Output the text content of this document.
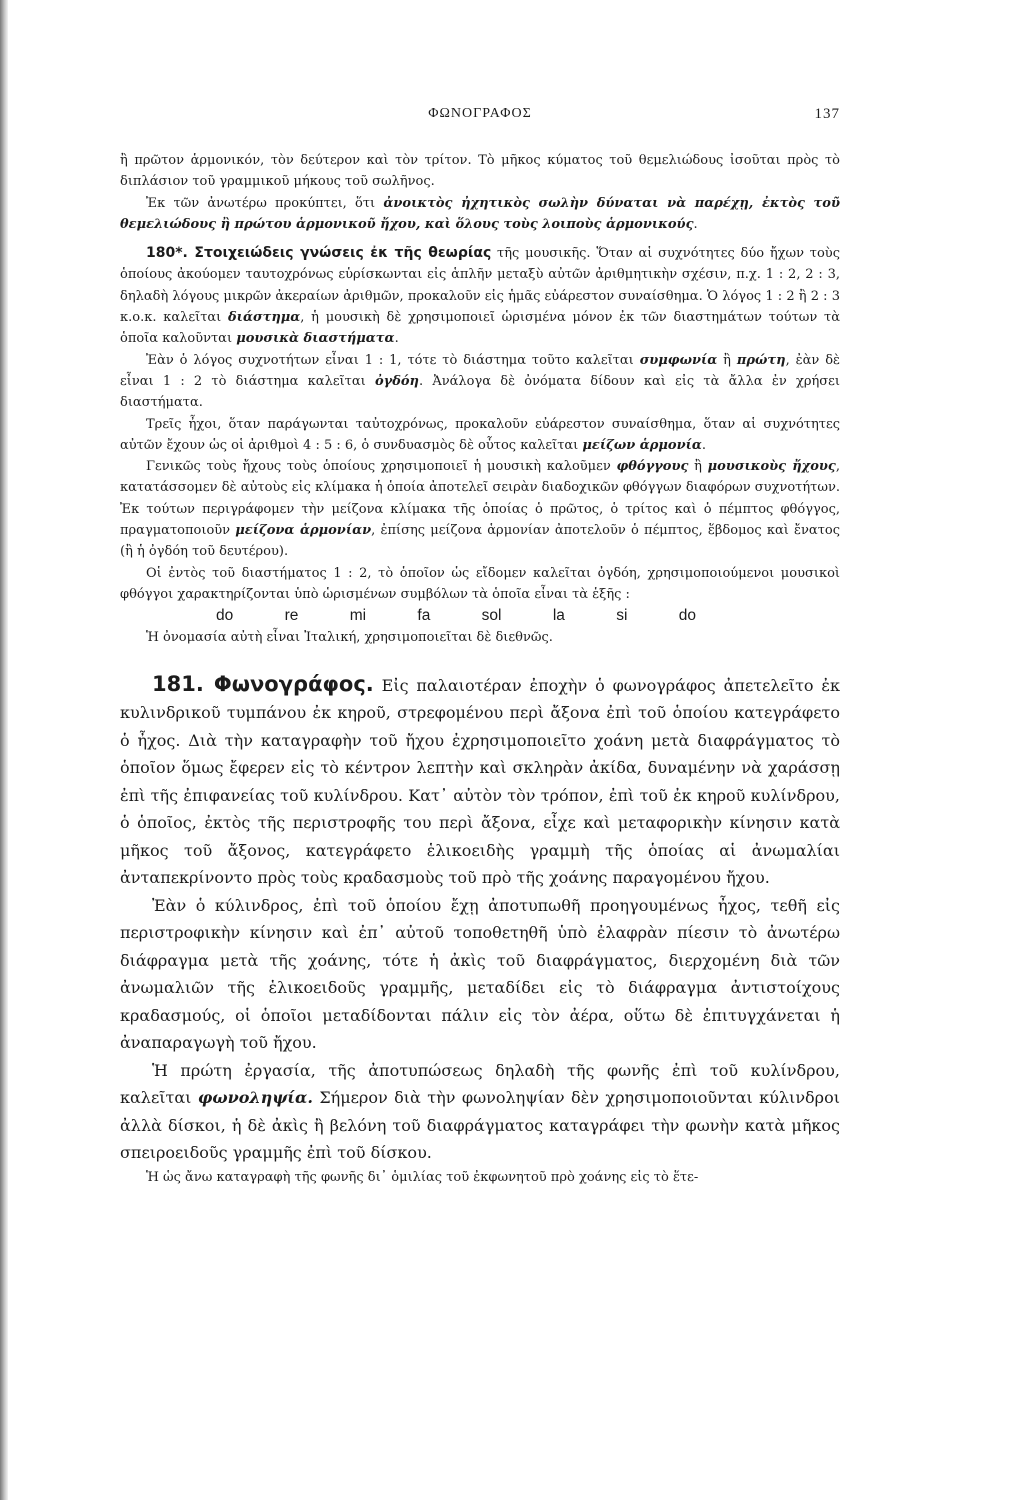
ΦΩΝΟΓΡΑΦΟΣ	137

ἢ πρῶτον ἁρμονικόν, τὸν δεύτερον καὶ τὸν τρίτον. Τὸ μῆκος κύματος τοῦ θεμελιώδους ἰσοῦται πρὸς τὸ διπλάσιον τοῦ γραμμικοῦ μήκους τοῦ σωλῆνος.

Ἐκ τῶν ἀνωτέρω προκύπτει, ὅτι ἀνοικτὸς ἠχητικὸς σωλὴν δύναται νὰ παρέχῃ, ἐκτὸς τοῦ θεμελιώδους ἢ πρώτου ἁρμονικοῦ ἤχου, καὶ ὅλους τοὺς λοιποὺς ἁρμονικούς.

180*. Στοιχειώδεις γνώσεις ἐκ τῆς θεωρίας τῆς μουσικῆς. Ὅταν αἱ συχνότητες δύο ἤχων τοὺς ὁποίους ἀκούομεν ταυτοχρόνως εὑρίσκωνται εἰς ἁπλῆν μεταξὺ αὐτῶν ἀριθμητικὴν σχέσιν, π.χ. 1 : 2, 2 : 3, δηλαδὴ λόγους μικρῶν ἀκεραίων ἀριθμῶν, προκαλοῦν εἰς ἡμᾶς εὐάρεστον συναίσθημα. Ὁ λόγος 1 : 2 ἢ 2 : 3 κ.ο.κ. καλεῖται διάστημα, ἡ μουσικὴ δὲ χρησιμοποιεῖ ὡρισμένα μόνον ἐκ τῶν διαστημάτων τούτων τὰ ὁποῖα καλοῦνται μουσικὰ διαστήματα.

Ἐὰν ὁ λόγος συχνοτήτων εἶναι 1 : 1, τότε τὸ διάστημα τοῦτο καλεῖται συμφωνία ἢ πρώτη, ἐὰν δὲ εἶναι 1 : 2 τὸ διάστημα καλεῖται ὀγδόη. Ἀνάλογα δὲ ὀνόματα δίδουν καὶ εἰς τὰ ἄλλα ἐν χρήσει διαστήματα.

Τρεῖς ἦχοι, ὅταν παράγωνται ταὐτοχρόνως, προκαλοῦν εὐάρεστον συναίσθημα, ὅταν αἱ συχνότητες αὐτῶν ἔχουν ὡς οἱ ἀριθμοὶ 4 : 5 : 6, ὁ συνδυασμὸς δὲ οὗτος καλεῖται μείζων ἁρμονία.

Γενικῶς τοὺς ἤχους τοὺς ὁποίους χρησιμοποιεῖ ἡ μουσικὴ καλοῦμεν φθόγγους ἢ μουσικοὺς ἤχους, κατατάσσομεν δὲ αὐτοὺς εἰς κλίμακα ἡ ὁποία ἀποτελεῖ σειρὰν διαδοχικῶν φθόγγων διαφόρων συχνοτήτων. Ἐκ τούτων περιγράφομεν τὴν μείζονα κλίμακα τῆς ὁποίας ὁ πρῶτος, ὁ τρίτος καὶ ὁ πέμπτος φθόγγος, πραγματοποιοῦν μείζονα ἁρμονίαν, ἐπίσης μείζονα ἁρμονίαν ἀποτελοῦν ὁ πέμπτος, ἕβδομος καὶ ἔνατος (ἢ ἡ ὀγδόη τοῦ δευτέρου).

Οἱ ἐντὸς τοῦ διαστήματος 1 : 2, τὸ ὁποῖον ὡς εἴδομεν καλεῖται ὀγδόη, χρησιμοποιούμενοι μουσικοὶ φθόγγοι χαρακτηρίζονται ὑπὸ ὡρισμένων συμβόλων τὰ ὁποῖα εἶναι τὰ ἑξῆς :

do	re	mi	fa	sol	la	si	do

Ἡ ὀνομασία αὐτὴ εἶναι Ἰταλική, χρησιμοποιεῖται δὲ διεθνῶς.

181. Φωνογράφος. Εἰς παλαιοτέραν ἐποχὴν ὁ φωνογράφος ἀπετελεῖτο ἐκ κυλινδρικοῦ τυμπάνου ἐκ κηροῦ, στρεφομένου περὶ ἄξονα ἐπὶ τοῦ ὁποίου κατεγράφετο ὁ ἦχος. Διὰ τὴν καταγραφὴν τοῦ ἤχου ἐχρησιμοποιεῖτο χοάνη μετὰ διαφράγματος τὸ ὁποῖον ὅμως ἔφερεν εἰς τὸ κέντρον λεπτὴν καὶ σκληρὰν ἀκίδα, δυναμένην νὰ χαράσσῃ ἐπὶ τῆς ἐπιφανείας τοῦ κυλίνδρου. Κατ᾽ αὐτὸν τὸν τρόπον, ἐπὶ τοῦ ἐκ κηροῦ κυλίνδρου, ὁ ὁποῖος, ἐκτὸς τῆς περιστροφῆς του περὶ ἄξονα, εἶχε καὶ μεταφορικὴν κίνησιν κατὰ μῆκος τοῦ ἄξονος, κατεγράφετο ἑλικοειδὴς γραμμὴ τῆς ὁποίας αἱ ἀνωμαλίαι ἀνταπεκρίνοντο πρὸς τοὺς κραδασμοὺς τοῦ πρὸ τῆς χοάνης παραγομένου ἤχου.

Ἐὰν ὁ κύλινδρος, ἐπὶ τοῦ ὁποίου ἔχῃ ἀποτυπωθῆ προηγουμένως ἦχος, τεθῆ εἰς περιστροφικὴν κίνησιν καὶ ἐπ᾽ αὐτοῦ τοποθετηθῆ ὑπὸ ἐλαφρὰν πίεσιν τὸ ἀνωτέρω διάφραγμα μετὰ τῆς χοάνης, τότε ἡ ἀκὶς τοῦ διαφράγματος, διερχομένη διὰ τῶν ἀνωμαλιῶν τῆς ἑλικοειδοῦς γραμμῆς, μεταδίδει εἰς τὸ διάφραγμα ἀντιστοίχους κραδασμούς, οἱ ὁποῖοι μεταδίδονται πάλιν εἰς τὸν ἀέρα, οὕτω δὲ ἐπιτυγχάνεται ἡ ἀναπαραγωγὴ τοῦ ἤχου.

Ἡ πρώτη ἐργασία, τῆς ἀποτυπώσεως δηλαδὴ τῆς φωνῆς ἐπὶ τοῦ κυλίνδρου, καλεῖται φωνοληψία. Σήμερον διὰ τὴν φωνοληψίαν δὲν χρησιμοποιοῦνται κύλινδροι ἀλλὰ δίσκοι, ἡ δὲ ἀκὶς ἢ βελόνη τοῦ διαφράγματος καταγράφει τὴν φωνὴν κατὰ μῆκος σπειροειδοῦς γραμμῆς ἐπὶ τοῦ δίσκου.

Ἡ ὡς ἄνω καταγραφὴ τῆς φωνῆς δι᾽ ὁμιλίας τοῦ ἐκφωνητοῦ πρὸ χοάνης εἰς τὸ ἕτε-
